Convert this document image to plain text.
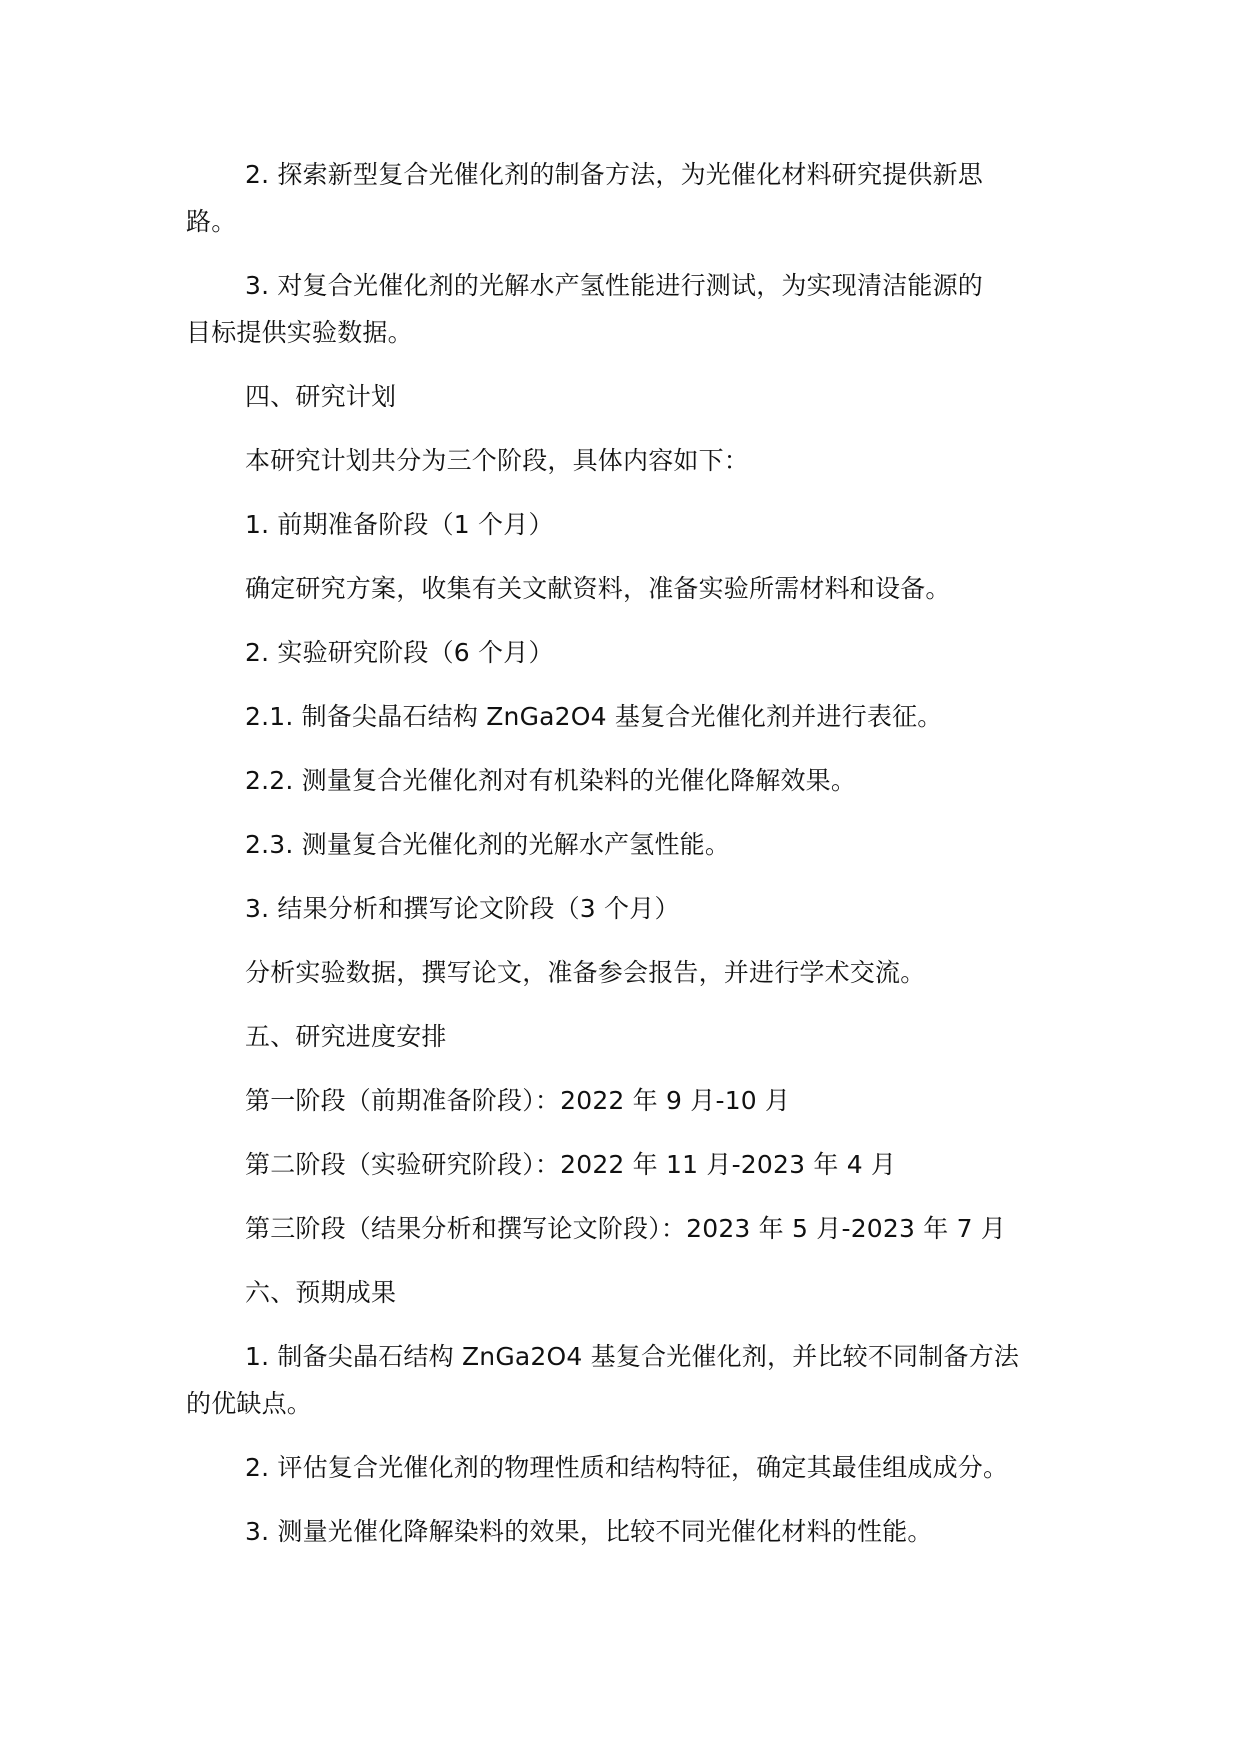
2. 探索新型复合光催化剂的制备方法，为光催化材料研究提供新思
路。
3. 对复合光催化剂的光解水产氢性能进行测试，为实现清洁能源的
目标提供实验数据。
四、研究计划
本研究计划共分为三个阶段，具体内容如下：
1. 前期准备阶段（1 个月）
确定研究方案，收集有关文献资料，准备实验所需材料和设备。
2. 实验研究阶段（6 个月）
2.1. 制备尖晶石结构 ZnGa2O4 基复合光催化剂并进行表征。
2.2. 测量复合光催化剂对有机染料的光催化降解效果。
2.3. 测量复合光催化剂的光解水产氢性能。
3. 结果分析和撰写论文阶段（3 个月）
分析实验数据，撰写论文，准备参会报告，并进行学术交流。
五、研究进度安排
第一阶段（前期准备阶段）：2022 年 9 月-10 月
第二阶段（实验研究阶段）：2022 年 11 月-2023 年 4 月
第三阶段（结果分析和撰写论文阶段）：2023 年 5 月-2023 年 7 月
六、预期成果
1. 制备尖晶石结构 ZnGa2O4 基复合光催化剂，并比较不同制备方法
的优缺点。
2. 评估复合光催化剂的物理性质和结构特征，确定其最佳组成成分。
3. 测量光催化降解染料的效果，比较不同光催化材料的性能。
